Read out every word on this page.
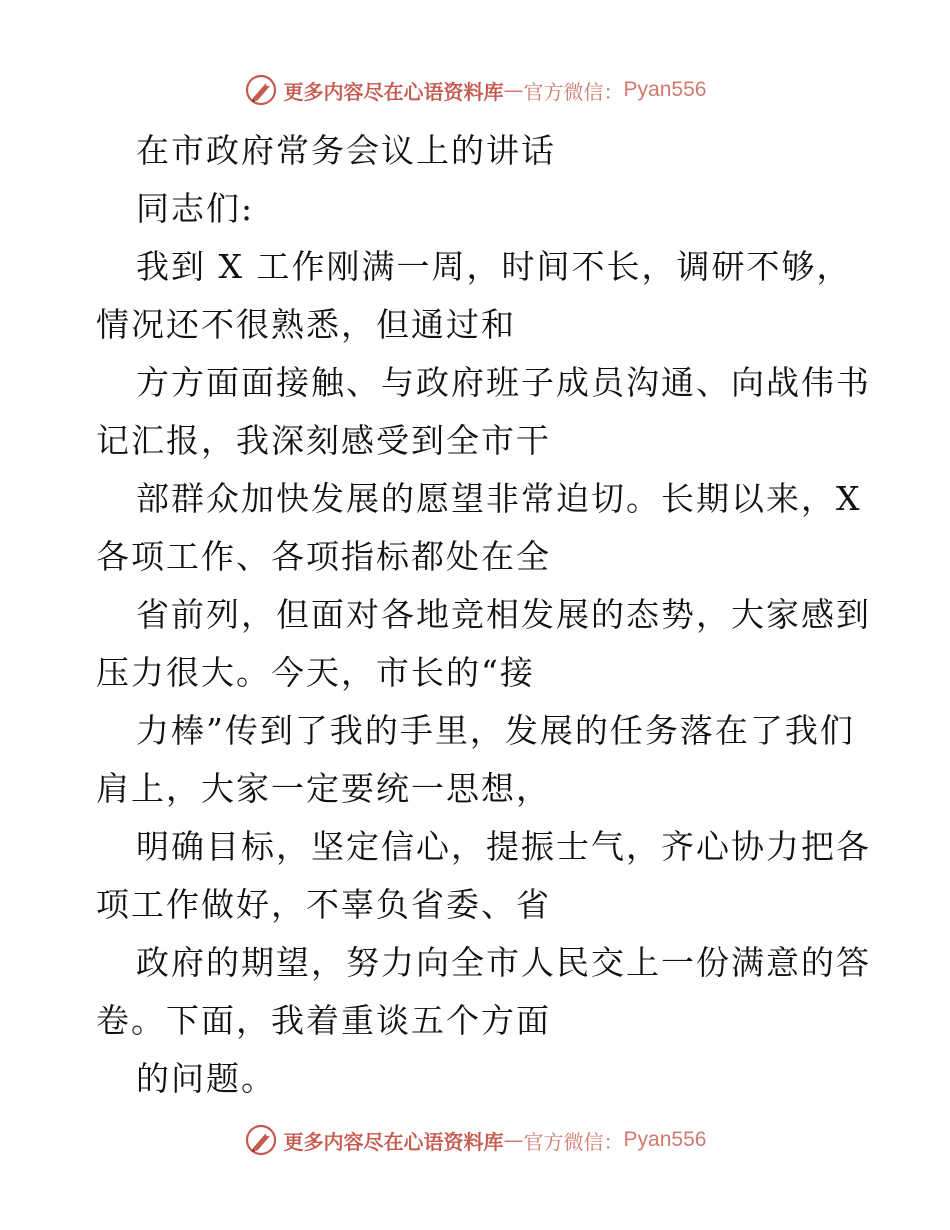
更多内容尽在心语资料库 — 官方微信： Pyan556

在市政府常务会议上的讲话

同志们:

我到 X 工作刚满一周，时间不长，调研不够，
情况还不很熟悉，但通过和

方方面面接触、与政府班子成员沟通、向战伟书
记汇报，我深刻感受到全市干

部群众加快发展的愿望非常迫切。长期以来，X
各项工作、各项指标都处在全

省前列，但面对各地竞相发展的态势，大家感到
压力很大。今天，市长的“接

力棒”传到了我的手里，发展的任务落在了我们
肩上，大家一定要统一思想，

明确目标，坚定信心，提振士气，齐心协力把各
项工作做好，不辜负省委、省

政府的期望，努力向全市人民交上一份满意的答
卷。下面，我着重谈五个方面

的问题。

更多内容尽在心语资料库 — 官方微信： Pyan556
